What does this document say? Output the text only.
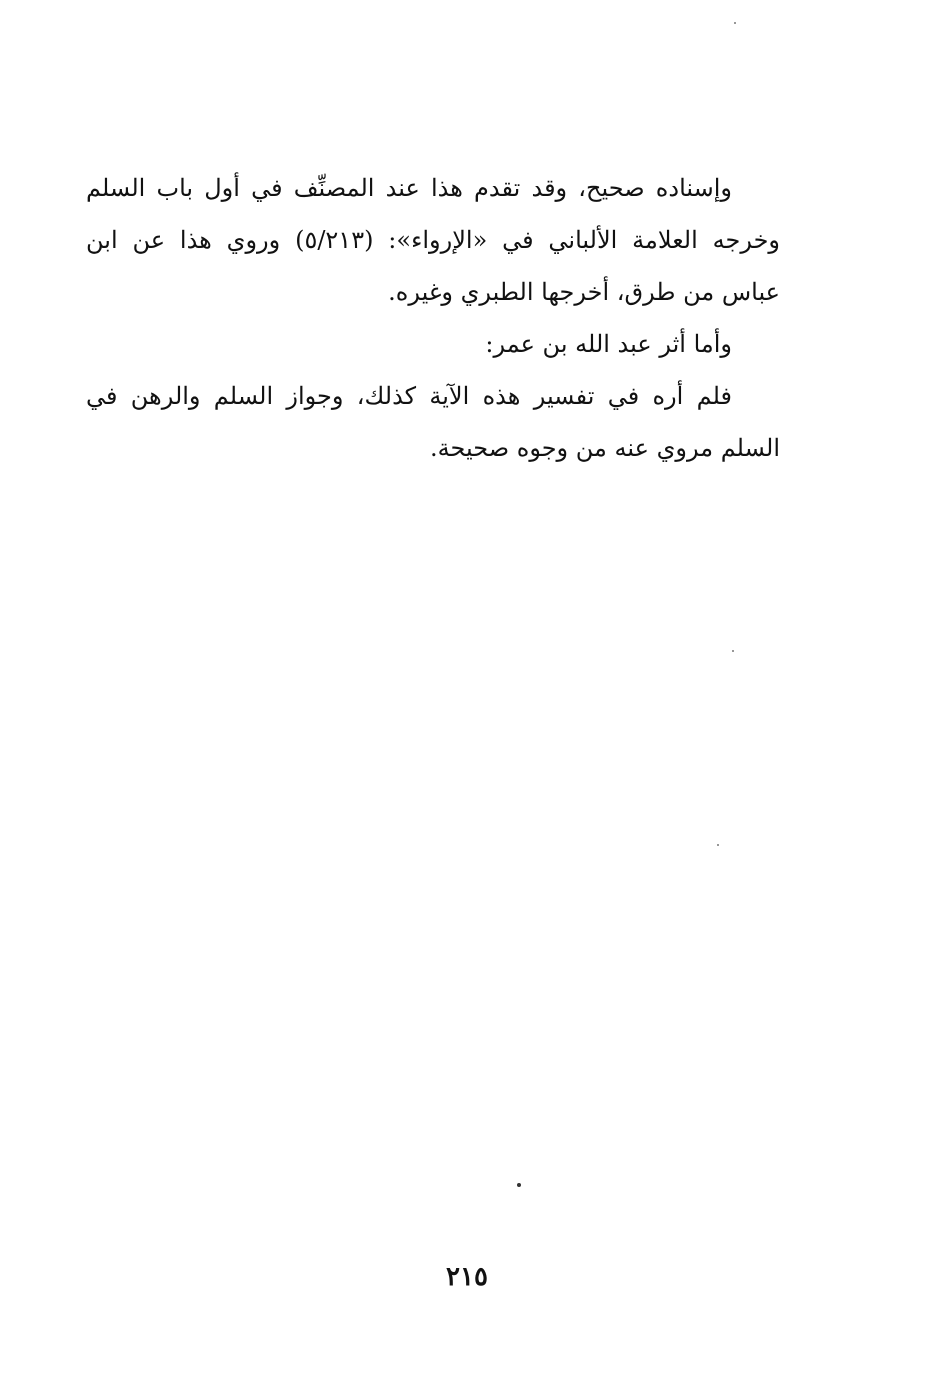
وإسناده صحيح، وقد تقدم هذا عند المصنِّف في أول باب السلم وخرجه العلامة الألباني في «الإرواء»: (٥/٢١٣) وروي هذا عن ابن عباس من طرق، أخرجها الطبري وغيره.

وأما أثر عبد الله بن عمر:

فلم أره في تفسير هذه الآية كذلك، وجواز السلم والرهن في السلم مروي عنه من وجوه صحيحة.

٢١٥
